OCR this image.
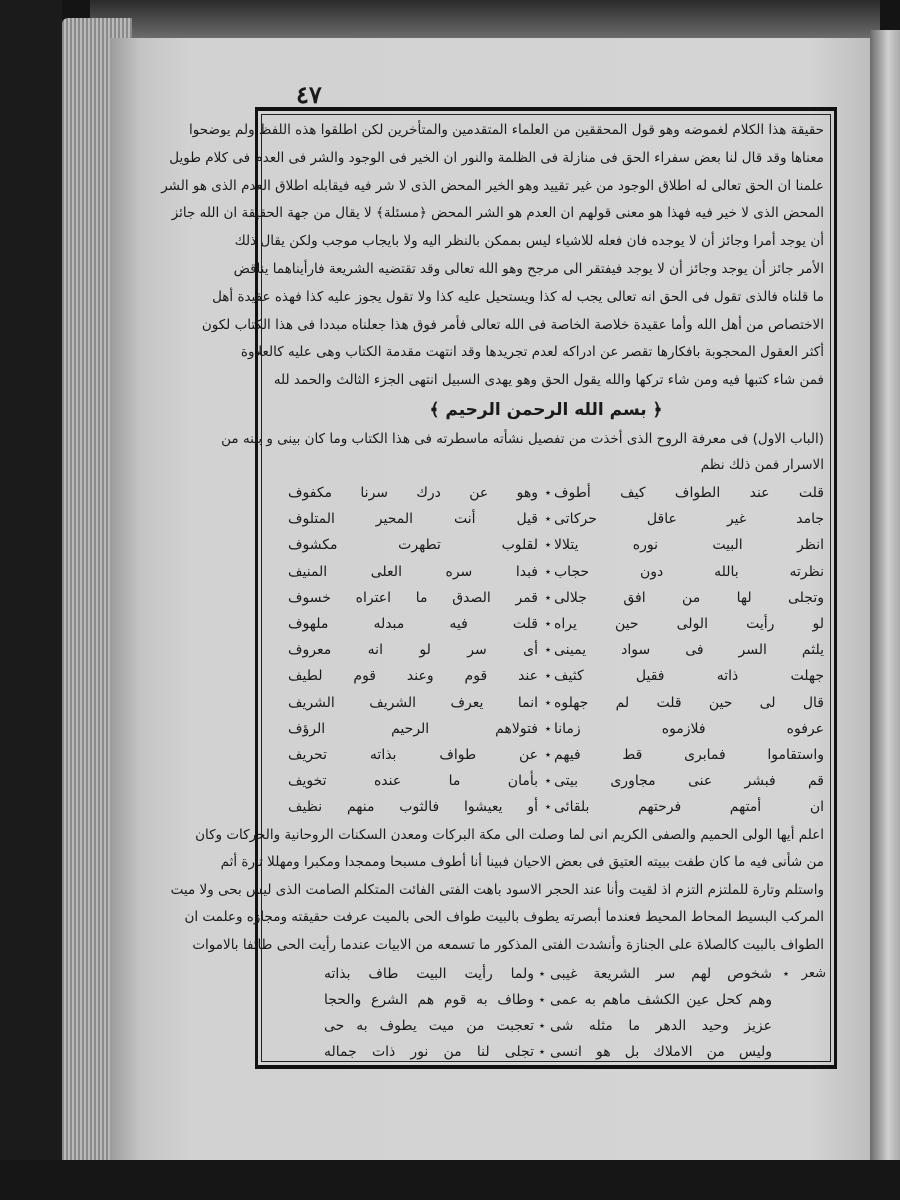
٤٧
حقيقة هذا الكلام لغموضه وهو قول المحققين من العلماء المتقدمين والمتأخرين لكن اطلقوا هذه اللفظ ولم يوضحوا
معناها وقد قال لنا بعض سفراء الحق فى منازلة فى الظلمة والنور ان الخير فى الوجود والشر فى العدم فى كلام طويل
علمنا ان الحق تعالى له اطلاق الوجود من غير تقييد وهو الخير المحض الذى لا شر فيه فيقابله اطلاق العدم الذى هو الشر
المحض الذى لا خير فيه فهذا هو معنى قولهم ان العدم هو الشر المحض ﴿مسئلة﴾ لا يقال من جهة الحقيقة ان الله جائز
أن يوجد أمرا وجائز أن لا يوجده فان فعله للاشياء ليس بممكن بالنظر اليه ولا بايجاب موجب ولكن يقال ذلك
الأمر جائز أن يوجد وجائز أن لا يوجد فيفتقر الى مرجح وهو الله تعالى وقد تقتضيه الشريعة فارأيناهما يناقض
ما قلناه فالذى تقول فى الحق انه تعالى يجب له كذا ويستحيل عليه كذا ولا تقول يجوز عليه كذا فهذه عقيدة أهل
الاختصاص من أهل الله وأما عقيدة خلاصة الخاصة فى الله تعالى فأمر فوق هذا جعلناه مبددا فى هذا الكتاب لكون
أكثر العقول المحجوبة بافكارها تقصر عن ادراكه لعدم تجريدها وقد انتهت مقدمة الكتاب وهى عليه كالعلاوة
فمن شاء كتبها فيه ومن شاء تركها والله يقول الحق وهو يهدى السبيل انتهى الجزء الثالث والحمد لله
﴿ بسم الله الرحمن الرحيم ﴾
(الباب الاول) فى معرفة الروح الذى أخذت من تفصيل نشأته ماسطرته فى هذا الكتاب وما كان بينى و بينه من
الاسرار فمن ذلك نظم
قلت عند الطواف كيف أطوف
٭
وهو عن درك سرنا مكفوف
جامد غير عاقل حركاتى
٭
قيل أنت المحير المتلوف
انظر البيت نوره يتلالا
٭
لقلوب تطهرت مكشوف
نظرته بالله دون حجاب
٭
فبدا سره العلى المنيف
وتجلى لها من افق جلالى
٭
قمر الصدق ما اعتراه خسوف
لو رأيت الولى حين يراه
٭
قلت فيه مبدله ملهوف
يلثم السر فى سواد يمينى
٭
أى سر لو انه معروف
جهلت ذاته فقيل كثيف
٭
عند قوم وعند قوم لطيف
قال لى حين قلت لم جهلوه
٭
انما يعرف الشريف الشريف
عرفوه فلازموه زمانا
٭
فتولاهم الرحيم الرؤف
واستقاموا فمابرى قط فيهم
٭
عن طواف بذاته تحريف
قم فبشر عنى مجاورى بيتى
٭
بأمان ما عنده تخويف
ان أمتهم فرحتهم بلقائى
٭
أو يعيشوا فالثوب منهم نظيف
اعلم أيها الولى الحميم والصفى الكريم انى لما وصلت الى مكة البركات ومعدن السكنات الروحانية والحركات وكان
من شأنى فيه ما كان طفت ببيته العتيق فى بعض الاحيان فبينا أنا أطوف مسبحا وممجدا ومكبرا ومهللا تارة أثم
واستلم وتارة للملتزم التزم اذ لقيت وأنا عند الحجر الاسود باهت الفتى الفائت المتكلم الصامت الذى ليس بحى ولا ميت
المركب البسيط المحاط المحيط فعندما أبصرته يطوف بالبيت طواف الحى بالميت عرفت حقيقته ومجازه وعلمت ان
الطواف بالبيت كالصلاة على الجنازة وأنشدت الفتى المذكور ما تسمعه من الابيات عندما رأيت الحى طائفا بالاموات
شعر
٭
ولما رأيت البيت طاف بذاته ٭ شخوص لهم سر الشريعة غيبى
وطاف به قوم هم الشرع والحجا ٭ وهم كحل عين الكشف ماهم به عمى
تعجبت من ميت يطوف به حى ٭ عزيز وحيد الدهر ما مثله شى
تجلى لنا من نور ذات جماله ٭ وليس من الاملاك بل هو انسى
